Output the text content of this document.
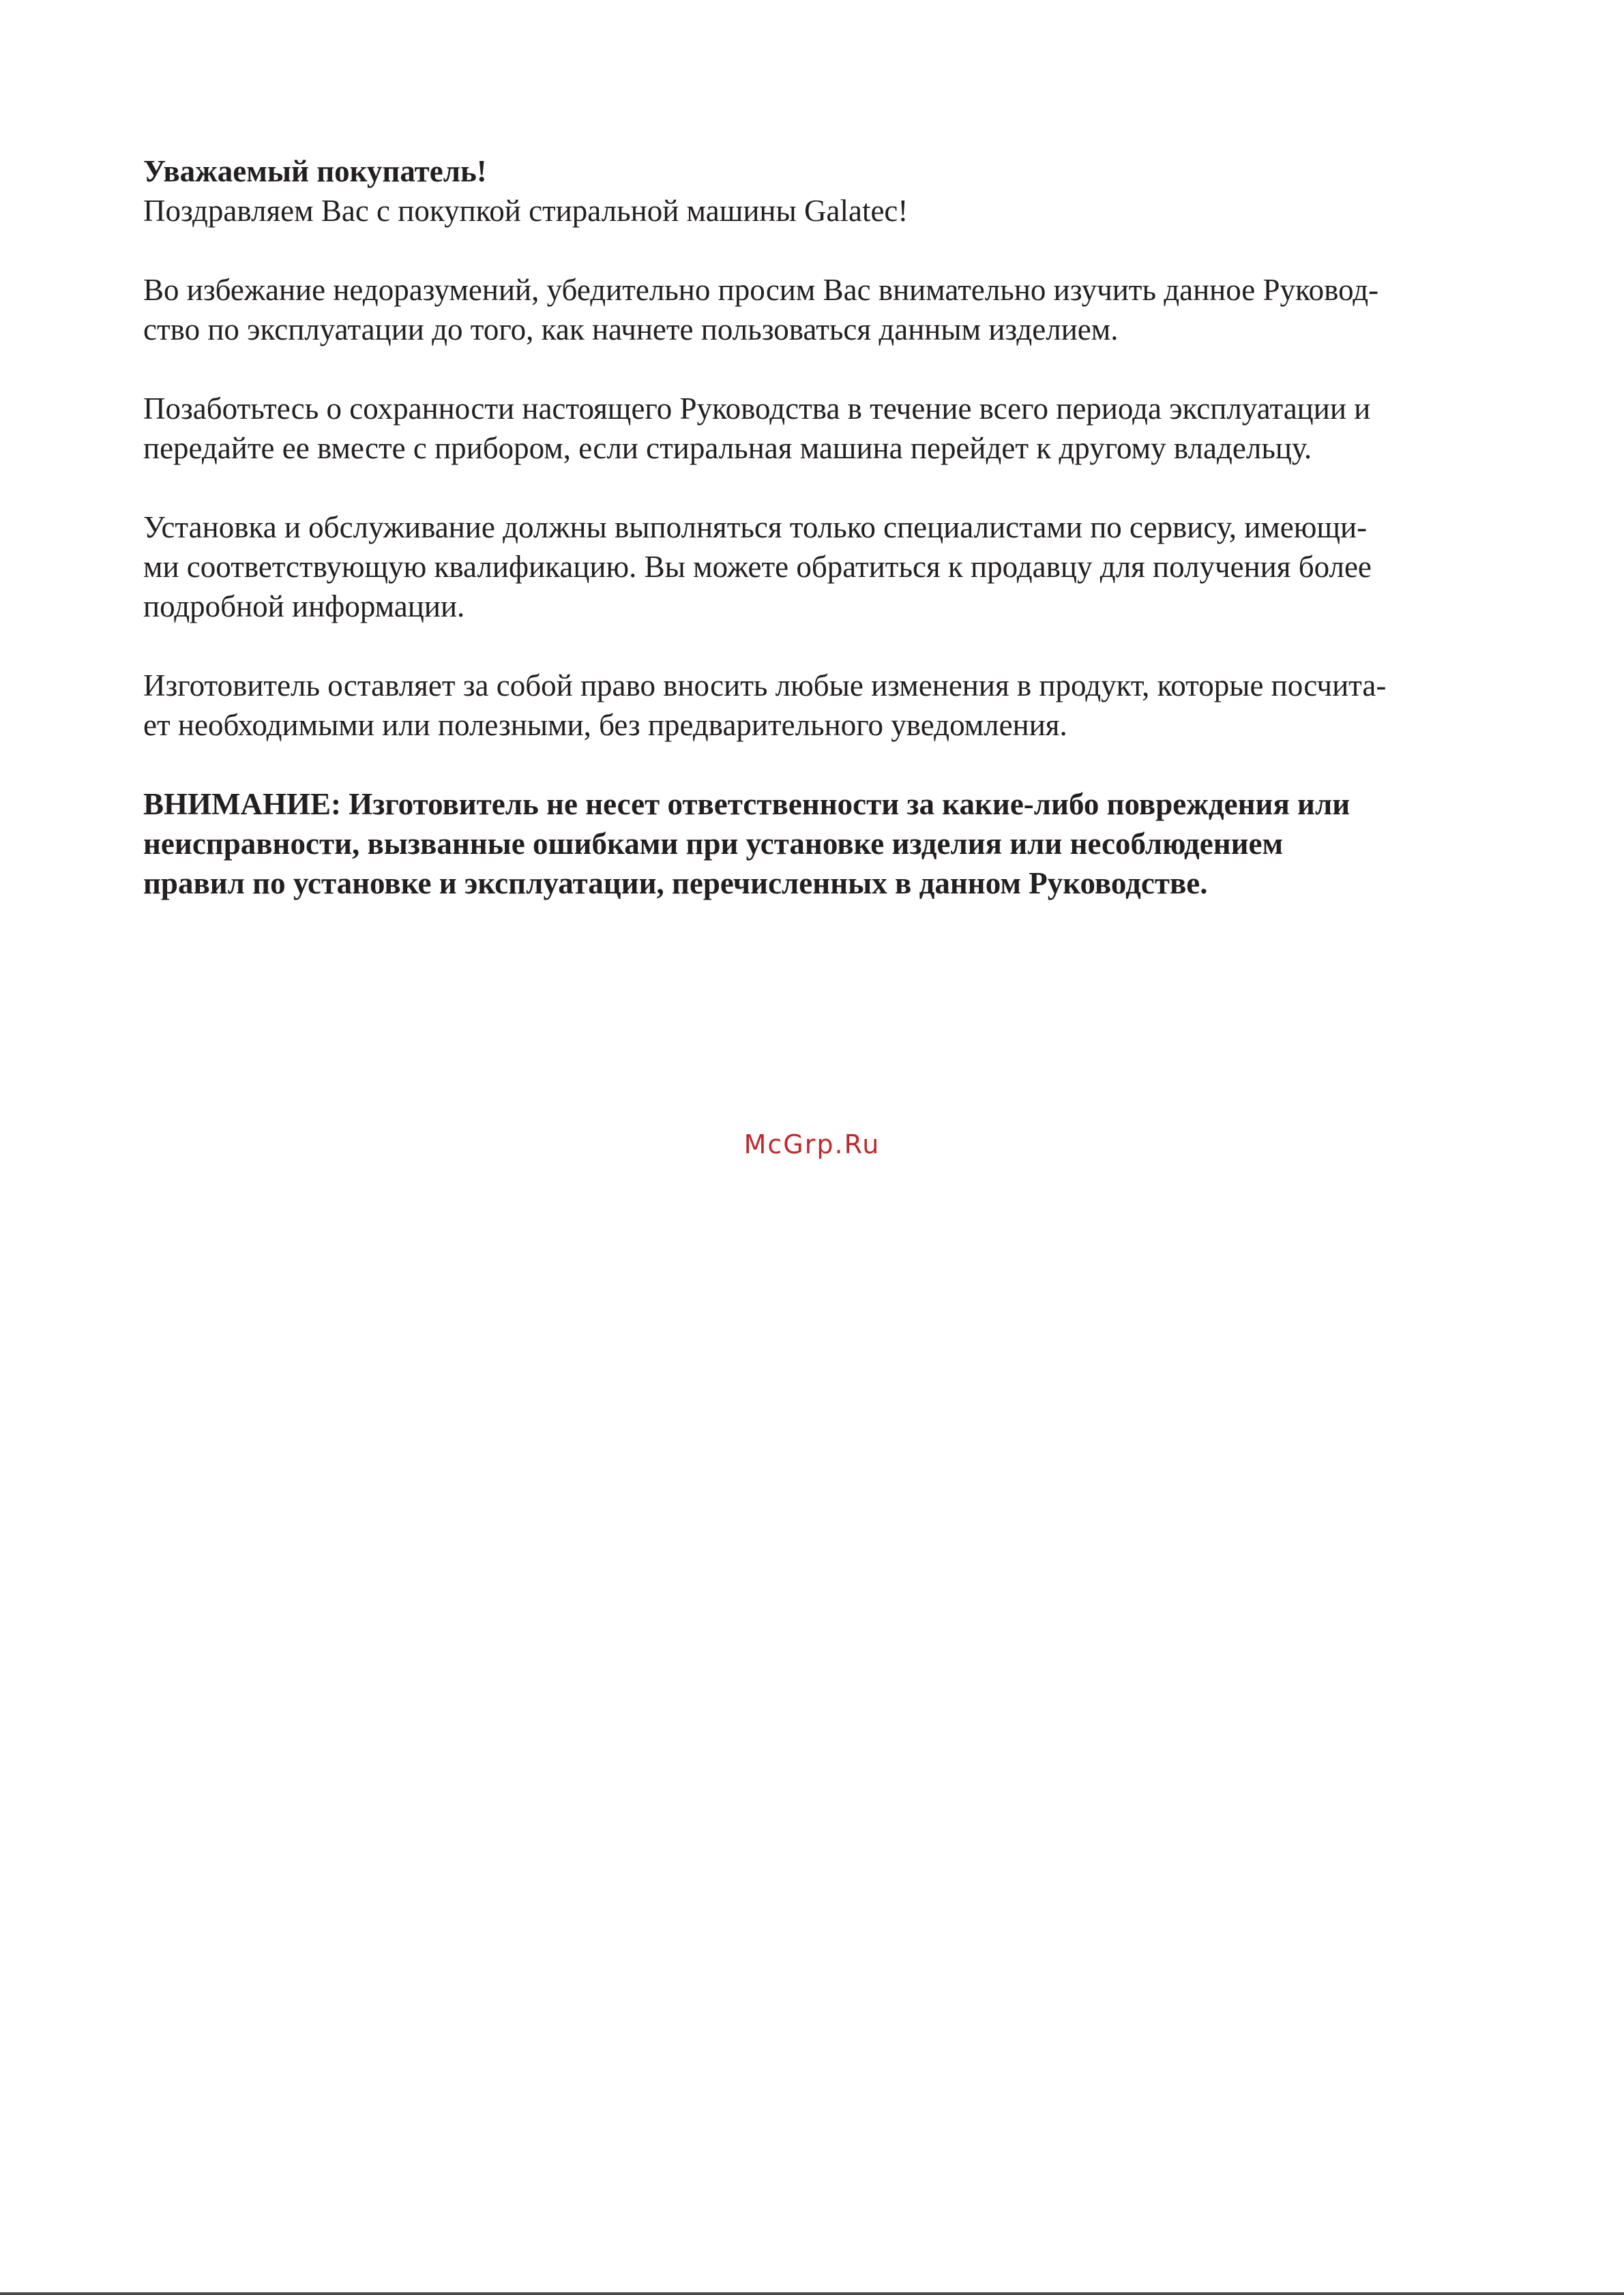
Уважаемый покупатель!
Поздравляем Вас с покупкой стиральной машины Galatec!
Во избежание недоразумений, убедительно просим Вас внимательно изучить данное Руковод-
ство по эксплуатации до того, как начнете пользоваться данным изделием.
Позаботьтесь о сохранности настоящего Руководства в течение всего периода эксплуатации и
передайте ее вместе с прибором, если стиральная машина перейдет к другому владельцу.
Установка и обслуживание должны выполняться только специалистами по сервису, имеющи-
ми соответствующую квалификацию. Вы можете обратиться к продавцу для получения более
подробной информации.
Изготовитель оставляет за собой право вносить любые изменения в продукт, которые посчита-
ет необходимыми или полезными, без предварительного уведомления.
ВНИМАНИЕ: Изготовитель не несет ответственности за какие-либо повреждения или
неисправности, вызванные ошибками при установке изделия или несоблюдением
правил по установке и эксплуатации, перечисленных в данном Руководстве.
McGrp.Ru
